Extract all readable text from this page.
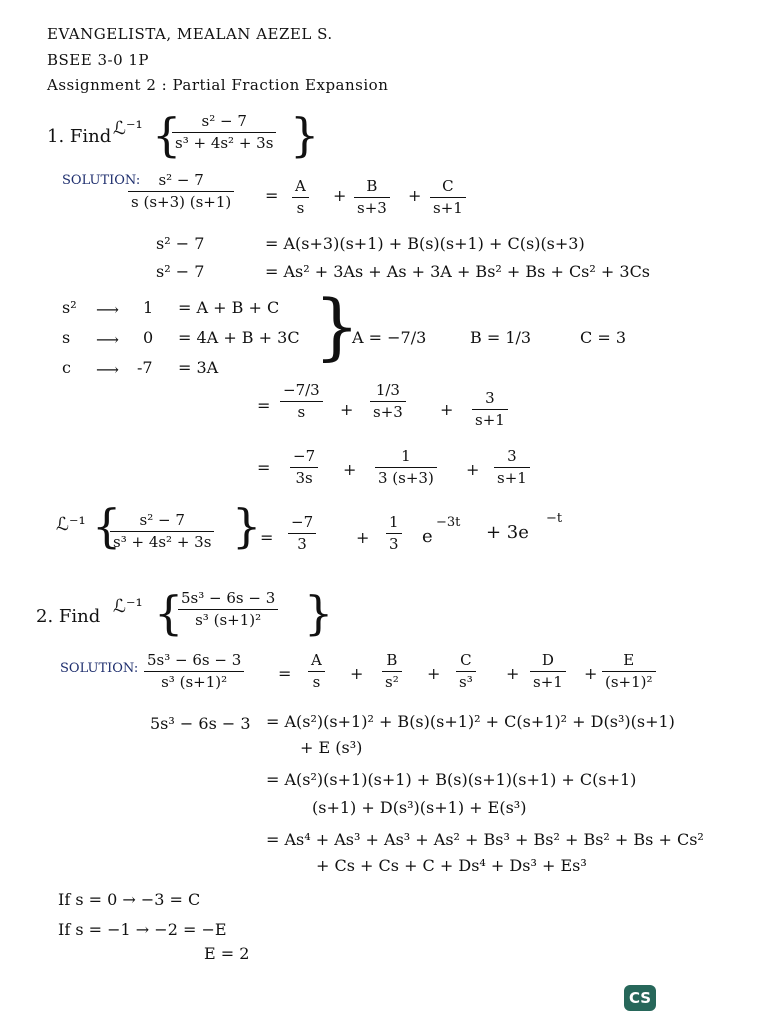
EVANGELISTA, MEALAN AEZEL S.
BSEE 3-0 1P
Assignment 2 : Partial Fraction Expansion
1. Find ℒ⁻¹ { s² − 7
s³ + 4s² + 3s }
SOLUTION: s² − 7
s (s+3) (s+1) = A
s
+ B
s+3
+ C
s+1
s² − 7	= A(s+3)(s+1) + B(s)(s+1) + C(s)(s+3)
s² − 7	= As² + 3As + As + 3A + Bs² + Bs + Cs² + 3Cs
s² ⟶ 1 = A + B + C
s ⟶ 0 = 4A + B + 3C
c ⟶ -7 = 3A }
A = −7/3	B = 1/3	C = 3
=
−7/3
s +
1/3
s+3 +
3
s+1
=
−7
3s +
1
3 (s+3) +
3
s+1
ℒ⁻¹ { s² − 7
s³ + 4s² + 3s }
=
−7
3	+
1
3 e
−3t + 3e
−t
2. Find ℒ⁻¹ {
5s³ − 6s − 3
s³ (s+1)² }
SOLUTION: 5s³ − 6s − 3
s³ (s+1)²	=
A
s +
B
s² +
C
s³ +
D
s+1 +
E
(s+1)²
5s³ − 6s − 3 = A(s²)(s+1)² + B(s)(s+1)² + C(s+1)² + D(s³)(s+1)
+ E (s³)
= A(s²)(s+1)(s+1) + B(s)(s+1)(s+1) + C(s+1)
(s+1) + D(s³)(s+1) + E(s³)
= As⁴ + As³ + As³ + As² + Bs³ + Bs² + Bs² + Bs + Cs²
+ Cs + Cs + C + Ds⁴ + Ds³ + Es³
If s = 0 → −3 = C
If s = −1 → −2 = −E
E = 2
CS
